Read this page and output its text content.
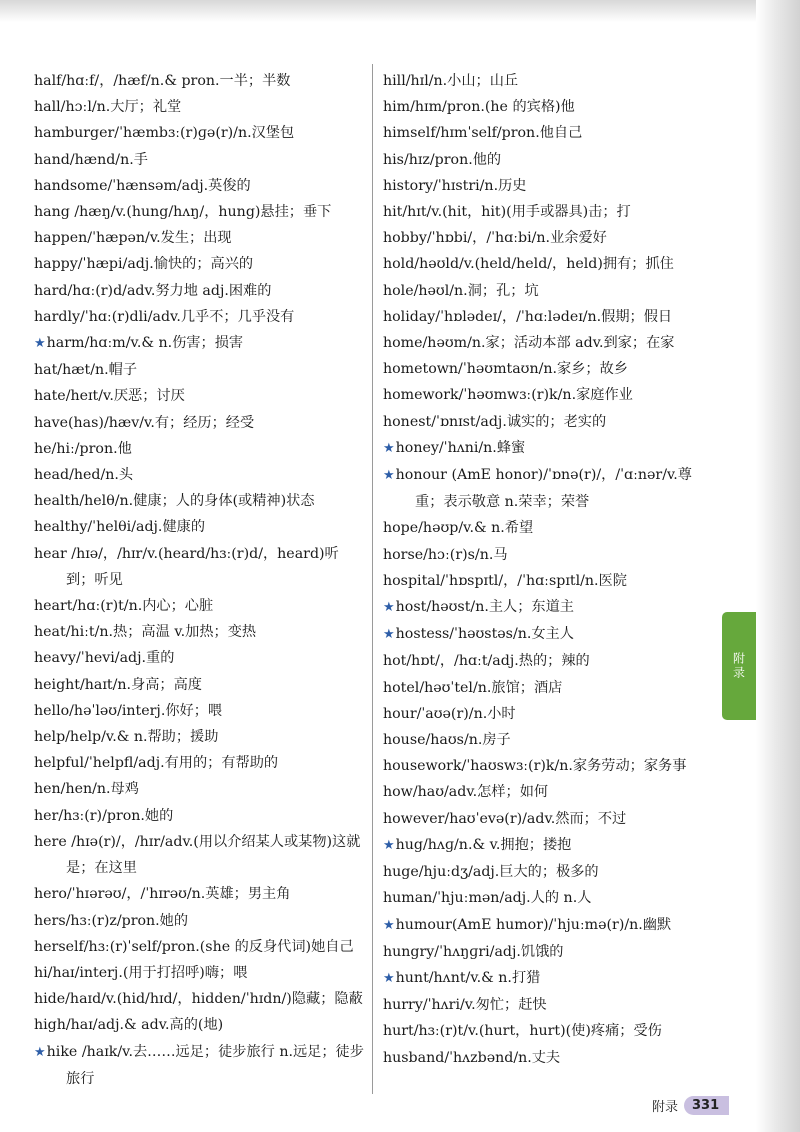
half/hɑːf/，/hæf/n.& pron.一半；半数
hall/hɔːl/n.大厅；礼堂
hamburger/ˈhæmbɜː(r)ɡə(r)/n.汉堡包
hand/hænd/n.手
handsome/ˈhænsəm/adj.英俊的
hang /hæŋ/v.(hung/hʌŋ/，hung)悬挂；垂下
happen/ˈhæpən/v.发生；出现
happy/ˈhæpi/adj.愉快的；高兴的
hard/hɑː(r)d/adv.努力地 adj.困难的
hardly/ˈhɑː(r)dli/adv.几乎不；几乎没有
★harm/hɑːm/v.& n.伤害；损害
hat/hæt/n.帽子
hate/heɪt/v.厌恶；讨厌
have(has)/hæv/v.有；经历；经受
he/hiː/pron.他
head/hed/n.头
health/helθ/n.健康；人的身体(或精神)状态
healthy/ˈhelθi/adj.健康的
hear /hɪə/，/hɪr/v.(heard/hɜː(r)d/，heard)听到；听见
heart/hɑː(r)t/n.内心；心脏
heat/hiːt/n.热；高温 v.加热；变热
heavy/ˈhevi/adj.重的
height/haɪt/n.身高；高度
hello/həˈləʊ/interj.你好；喂
help/help/v.& n.帮助；援助
helpful/ˈhelpfl/adj.有用的；有帮助的
hen/hen/n.母鸡
her/hɜː(r)/pron.她的
here /hɪə(r)/，/hɪr/adv.(用以介绍某人或某物)这就是；在这里
hero/ˈhɪərəʊ/，/ˈhɪrəʊ/n.英雄；男主角
hers/hɜː(r)z/pron.她的
herself/hɜː(r)ˈself/pron.(she 的反身代词)她自己
hi/haɪ/interj.(用于打招呼)嗨；喂
hide/haɪd/v.(hid/hɪd/，hidden/ˈhɪdn/)隐藏；隐蔽
high/haɪ/adj.& adv.高的(地)
★hike /haɪk/v.去……远足；徒步旅行 n.远足；徒步旅行
hill/hɪl/n.小山；山丘
him/hɪm/pron.(he 的宾格)他
himself/hɪmˈself/pron.他自己
his/hɪz/pron.他的
history/ˈhɪstri/n.历史
hit/hɪt/v.(hit，hit)(用手或器具)击；打
hobby/ˈhɒbi/，/ˈhɑːbi/n.业余爱好
hold/həʊld/v.(held/held/，held)拥有；抓住
hole/həʊl/n.洞；孔；坑
holiday/ˈhɒlədeɪ/，/ˈhɑːlədeɪ/n.假期；假日
home/həʊm/n.家；活动本部 adv.到家；在家
hometown/ˈhəʊmtaʊn/n.家乡；故乡
homework/ˈhəʊmwɜː(r)k/n.家庭作业
honest/ˈɒnɪst/adj.诚实的；老实的
★honey/ˈhʌni/n.蜂蜜
★honour (AmE honor)/ˈɒnə(r)/，/ˈɑːnər/v.尊重；表示敬意 n.荣幸；荣誉
hope/həʊp/v.& n.希望
horse/hɔː(r)s/n.马
hospital/ˈhɒspɪtl/，/ˈhɑːspɪtl/n.医院
★host/həʊst/n.主人；东道主
★hostess/ˈhəʊstəs/n.女主人
hot/hɒt/，/hɑːt/adj.热的；辣的
hotel/həʊˈtel/n.旅馆；酒店
hour/ˈaʊə(r)/n.小时
house/haʊs/n.房子
housework/ˈhaʊswɜː(r)k/n.家务劳动；家务事
how/haʊ/adv.怎样；如何
however/haʊˈevə(r)/adv.然而；不过
★hug/hʌɡ/n.& v.拥抱；搂抱
huge/hjuːdʒ/adj.巨大的；极多的
human/ˈhjuːmən/adj.人的 n.人
★humour(AmE humor)/ˈhjuːmə(r)/n.幽默
hungry/ˈhʌŋɡri/adj.饥饿的
★hunt/hʌnt/v.& n.打猎
hurry/ˈhʌri/v.匆忙；赶快
hurt/hɜː(r)t/v.(hurt，hurt)(使)疼痛；受伤
husband/ˈhʌzbənd/n.丈夫
附录
附录	331
